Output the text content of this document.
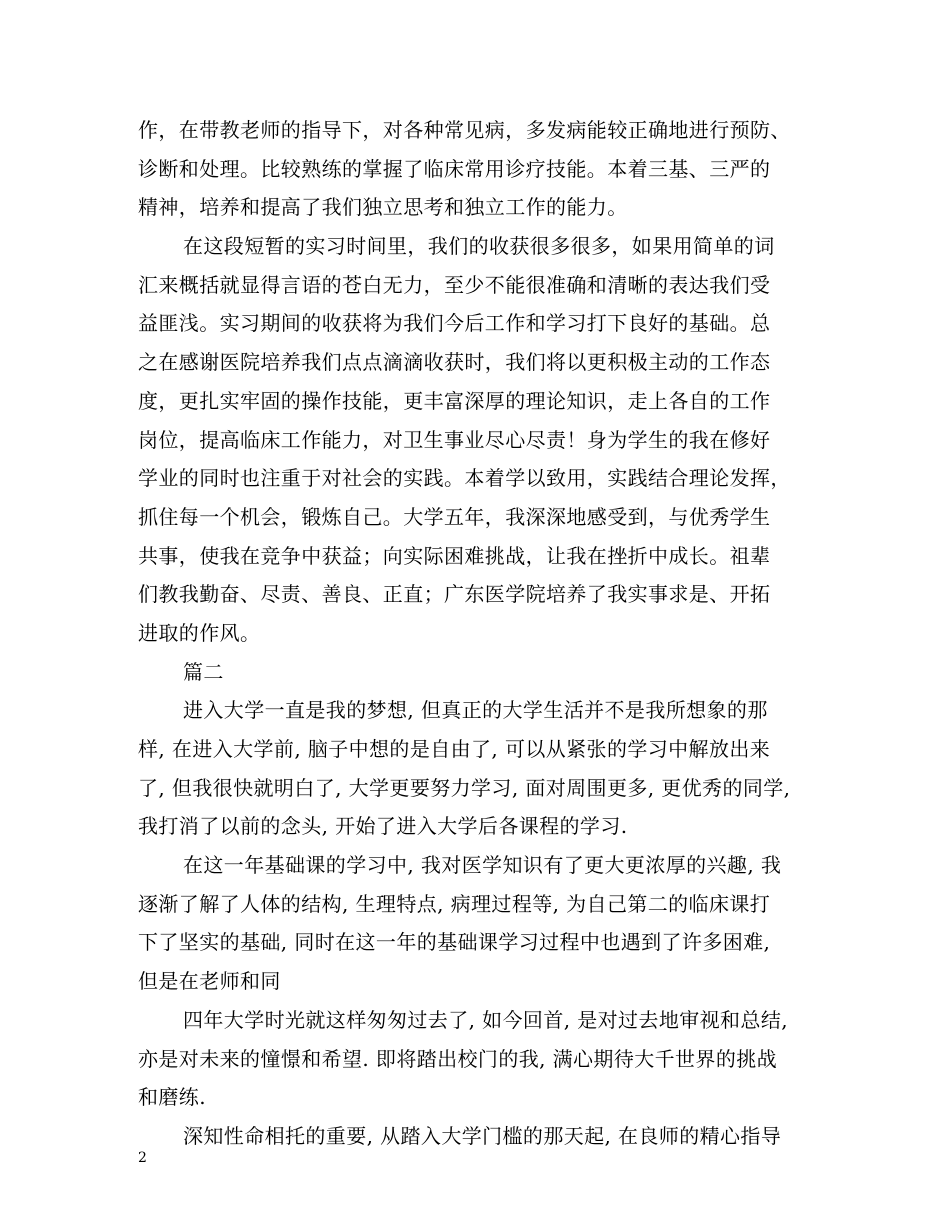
作，在带教老师的指导下，对各种常见病，多发病能较正确地进行预防、
诊断和处理。比较熟练的掌握了临床常用诊疗技能。本着三基、三严的
精神，培养和提高了我们独立思考和独立工作的能力。
在这段短暂的实习时间里，我们的收获很多很多，如果用简单的词
汇来概括就显得言语的苍白无力，至少不能很准确和清晰的表达我们受
益匪浅。实习期间的收获将为我们今后工作和学习打下良好的基础。总
之在感谢医院培养我们点点滴滴收获时，我们将以更积极主动的工作态
度，更扎实牢固的操作技能，更丰富深厚的理论知识，走上各自的工作
岗位，提高临床工作能力，对卫生事业尽心尽责！身为学生的我在修好
学业的同时也注重于对社会的实践。本着学以致用，实践结合理论发挥，
抓住每一个机会，锻炼自己。大学五年，我深深地感受到，与优秀学生
共事，使我在竞争中获益；向实际困难挑战，让我在挫折中成长。祖辈
们教我勤奋、尽责、善良、正直；广东医学院培养了我实事求是、开拓
进取的作风。
篇二
进入大学一直是我的梦想, 但真正的大学生活并不是我所想象的那
样, 在进入大学前, 脑子中想的是自由了, 可以从紧张的学习中解放出来
了, 但我很快就明白了, 大学更要努力学习, 面对周围更多, 更优秀的同学,
我打消了以前的念头, 开始了进入大学后各课程的学习.
在这一年基础课的学习中, 我对医学知识有了更大更浓厚的兴趣, 我
逐渐了解了人体的结构, 生理特点, 病理过程等, 为自己第二的临床课打
下了坚实的基础, 同时在这一年的基础课学习过程中也遇到了许多困难,
但是在老师和同
四年大学时光就这样匆匆过去了, 如今回首, 是对过去地审视和总结,
亦是对未来的憧憬和希望. 即将踏出校门的我, 满心期待大千世界的挑战
和磨练.
深知性命相托的重要, 从踏入大学门槛的那天起, 在良师的精心指导
2
